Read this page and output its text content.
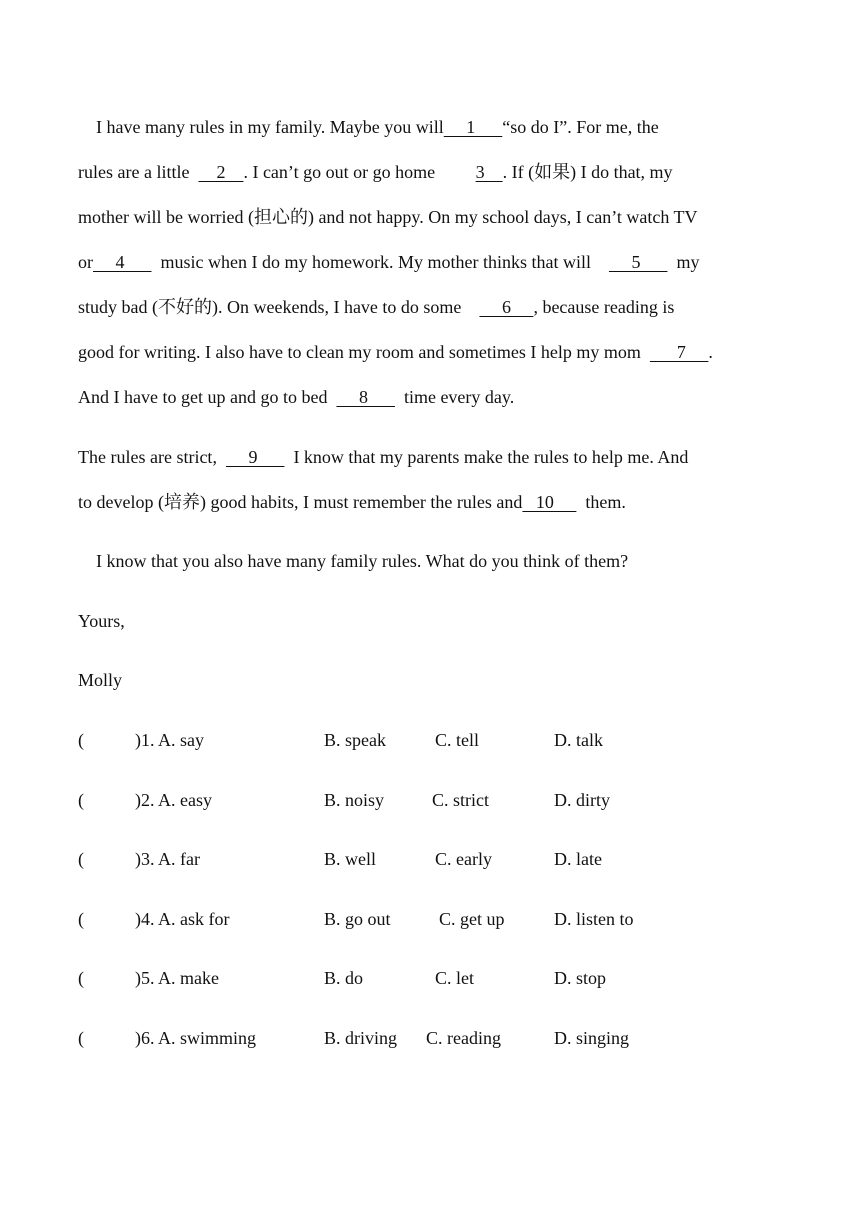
I have many rules in my family. Maybe you will     1      “so do I”. For me, the
rules are a little      2    . I can’t go out or go home         3    . If (如果) I do that, my
mother will be worried (担心的) and not happy. On my school days, I can’t watch TV
or     4        music when I do my homework. My mother thinks that will         5        my
study bad (不好的). On weekends, I have to do some         6     , because reading is
good for writing. I also have to clean my room and sometimes I help my mom        7     .
And I have to get up and go to bed       8        time every day.
The rules are strict,       9        I know that my parents make the rules to help me. And
to develop (培养) good habits, I must remember the rules and   10       them.
I know that you also have many family rules. What do you think of them?
Yours,
Molly
(	) 1. A. say	B. speak	C. tell	D. talk
(	) 2. A. easy	B. noisy	C. strict	D. dirty
(	) 3. A. far	B. well	C. early	D. late
(	) 4. A. ask for	B. go out	C. get up	D. listen to
(	) 5. A. make	B. do	C. let	D. stop
(	) 6. A. swimming	B. driving C. reading	D. singing
